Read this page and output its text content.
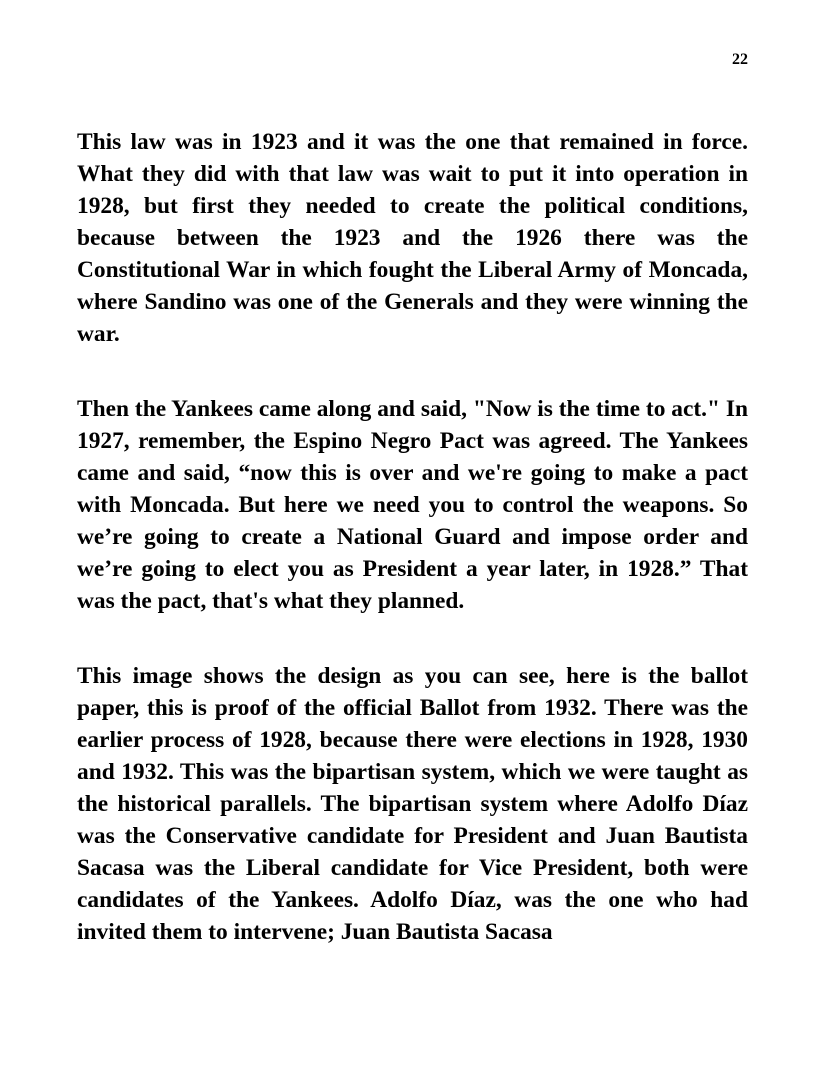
22

This law was in 1923 and it was the one that remained in force. What they did with that law was wait to put it into operation in 1928, but first they needed to create the political conditions, because between the 1923 and the 1926 there was the Constitutional War in which fought the Liberal Army of Moncada, where Sandino was one of the Generals and they were winning the war.

Then the Yankees came along and said, "Now is the time to act." In 1927, remember, the Espino Negro Pact was agreed. The Yankees came and said, “now this is over and we're going to make a pact with Moncada. But here we need you to control the weapons. So we’re going to create a National Guard and impose order and we’re going to elect you as President a year later, in 1928.” That was the pact, that's what they planned.

This image shows the design as you can see, here is the ballot paper, this is proof of the official Ballot from 1932. There was the earlier process of 1928, because there were elections in 1928, 1930 and 1932. This was the bipartisan system, which we were taught as the historical parallels. The bipartisan system where Adolfo Díaz was the Conservative candidate for President and Juan Bautista Sacasa was the Liberal candidate for Vice President, both were candidates of the Yankees. Adolfo Díaz, was the one who had invited them to intervene; Juan Bautista Sacasa
